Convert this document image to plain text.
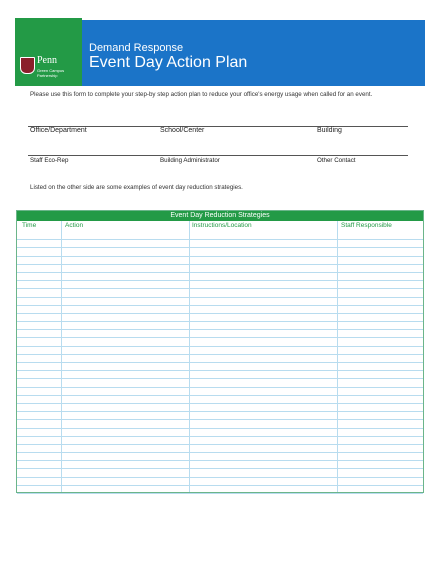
Penn
Green Campus Partnership
Demand Response
Event Day Action Plan
Please use this form to complete your step-by step action plan to reduce your office's energy usage when called for an event.
Office/Department	School/Center	Building
Staff Eco-Rep	Building Administrator	Other Contact
Listed on the other side are some examples of event day reduction strategies.
Event Day Reduction Strategies
Time	Action	Instructions/Location	Staff Responsible
